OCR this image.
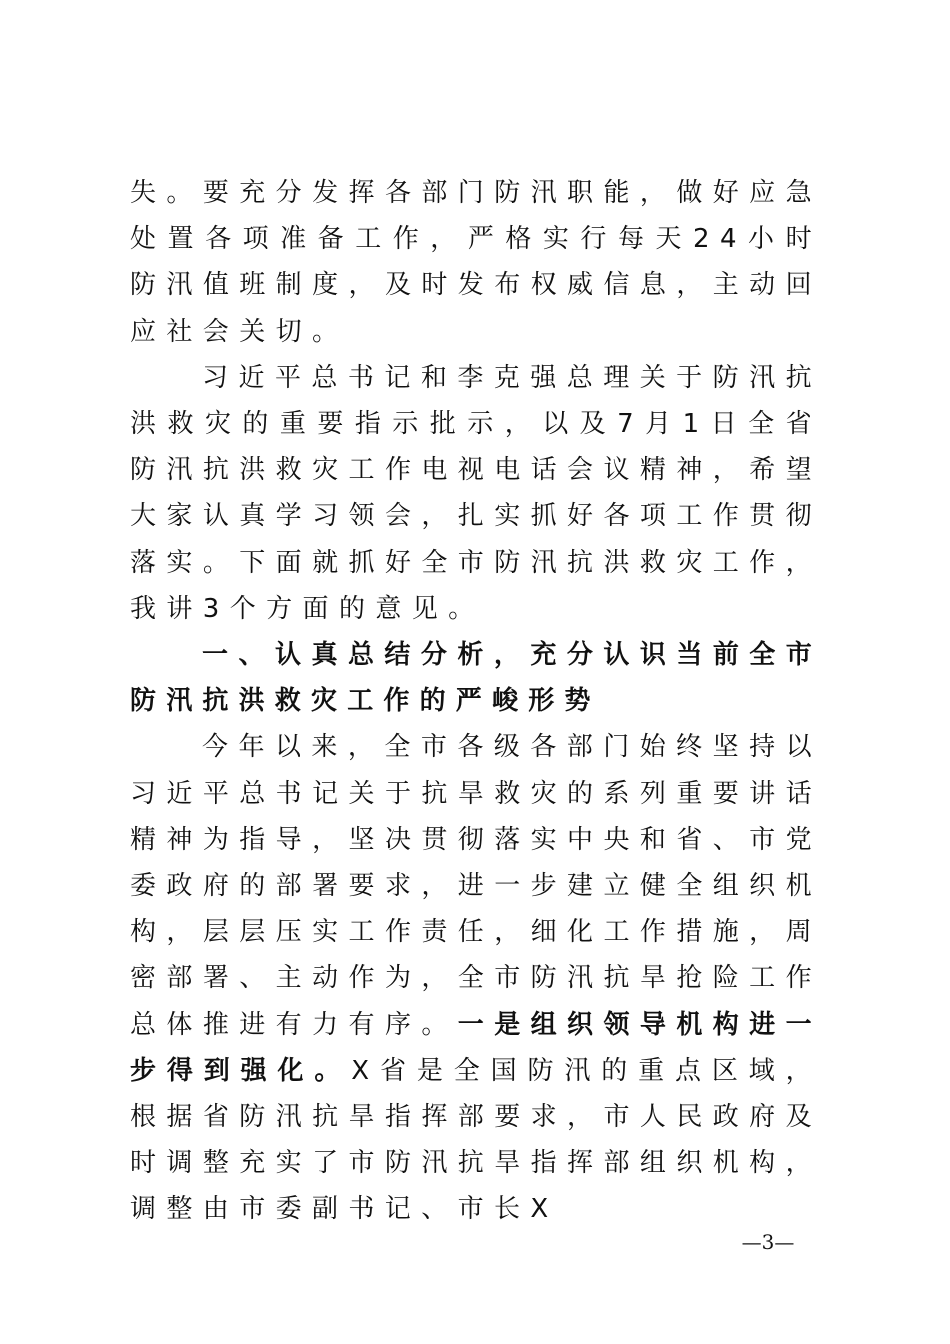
失。要充分发挥各部门防汛职能，做好应急处置各项准备工作，严格实行每天24小时防汛值班制度，及时发布权威信息，主动回应社会关切。

习近平总书记和李克强总理关于防汛抗洪救灾的重要指示批示，以及7月1日全省防汛抗洪救灾工作电视电话会议精神，希望大家认真学习领会，扎实抓好各项工作贯彻落实。下面就抓好全市防汛抗洪救灾工作，我讲3个方面的意见。

一、认真总结分析，充分认识当前全市防汛抗洪救灾工作的严峻形势

今年以来，全市各级各部门始终坚持以习近平总书记关于抗旱救灾的系列重要讲话精神为指导，坚决贯彻落实中央和省、市党委政府的部署要求，进一步建立健全组织机构，层层压实工作责任，细化工作措施，周密部署、主动作为，全市防汛抗旱抢险工作总体推进有力有序。一是组织领导机构进一步得到强化。X省是全国防汛的重点区域，根据省防汛抗旱指挥部要求，市人民政府及时调整充实了市防汛抗旱指挥部组织机构，调整由市委副书记、市长X

—3—
